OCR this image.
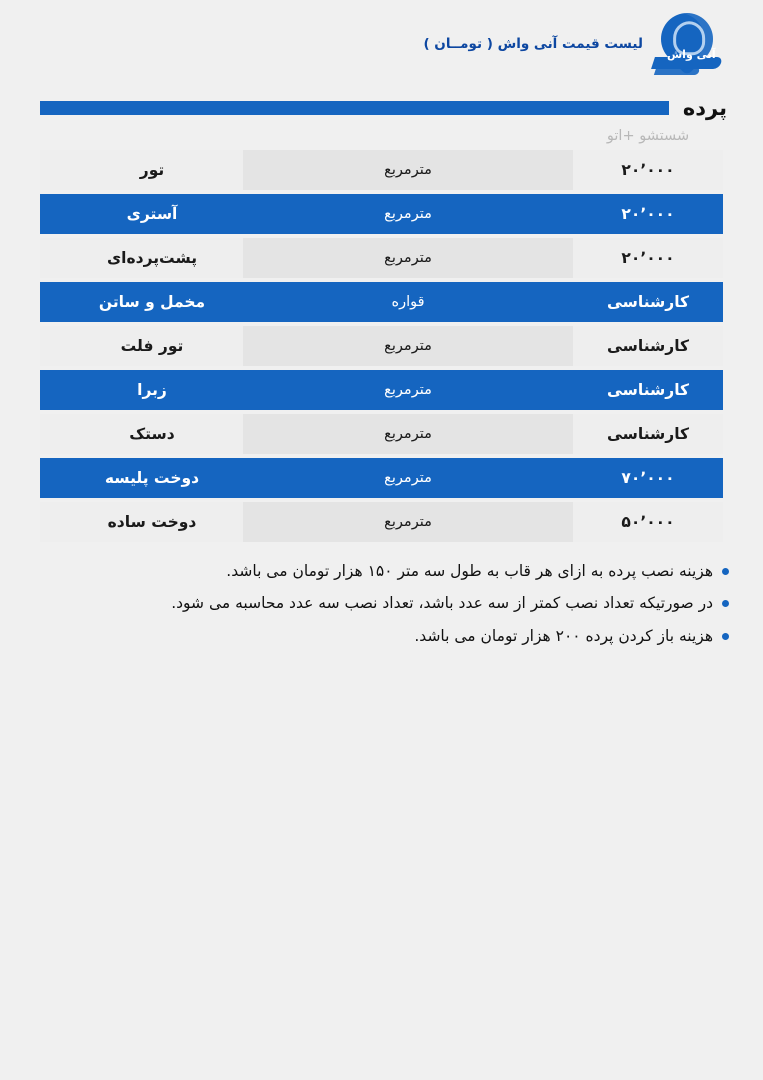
آنی واش
لیست قیمت آنی واش ( تومــان )
پرده
شستشو +اتو
۲۰٬۰۰۰
مترمربع
تور
۲۰٬۰۰۰
مترمربع
آستری
۲۰٬۰۰۰
مترمربع
پشت‌پرده‌ای
کارشناسی
قواره
مخمل و ساتن
کارشناسی
مترمربع
تور فلت
کارشناسی
مترمربع
زبرا
کارشناسی
مترمربع
دستک
۷۰٬۰۰۰
مترمربع
دوخت پلیسه
۵۰٬۰۰۰
مترمربع
دوخت ساده
هزینه نصب پرده به ازای هر قاب به طول سه متر ۱۵۰ هزار تومان می باشد.
در صورتیکه تعداد نصب کمتر از سه عدد باشد، تعداد نصب سه عدد محاسبه می شود.
هزینه باز کردن پرده ۲۰۰ هزار تومان می باشد.
